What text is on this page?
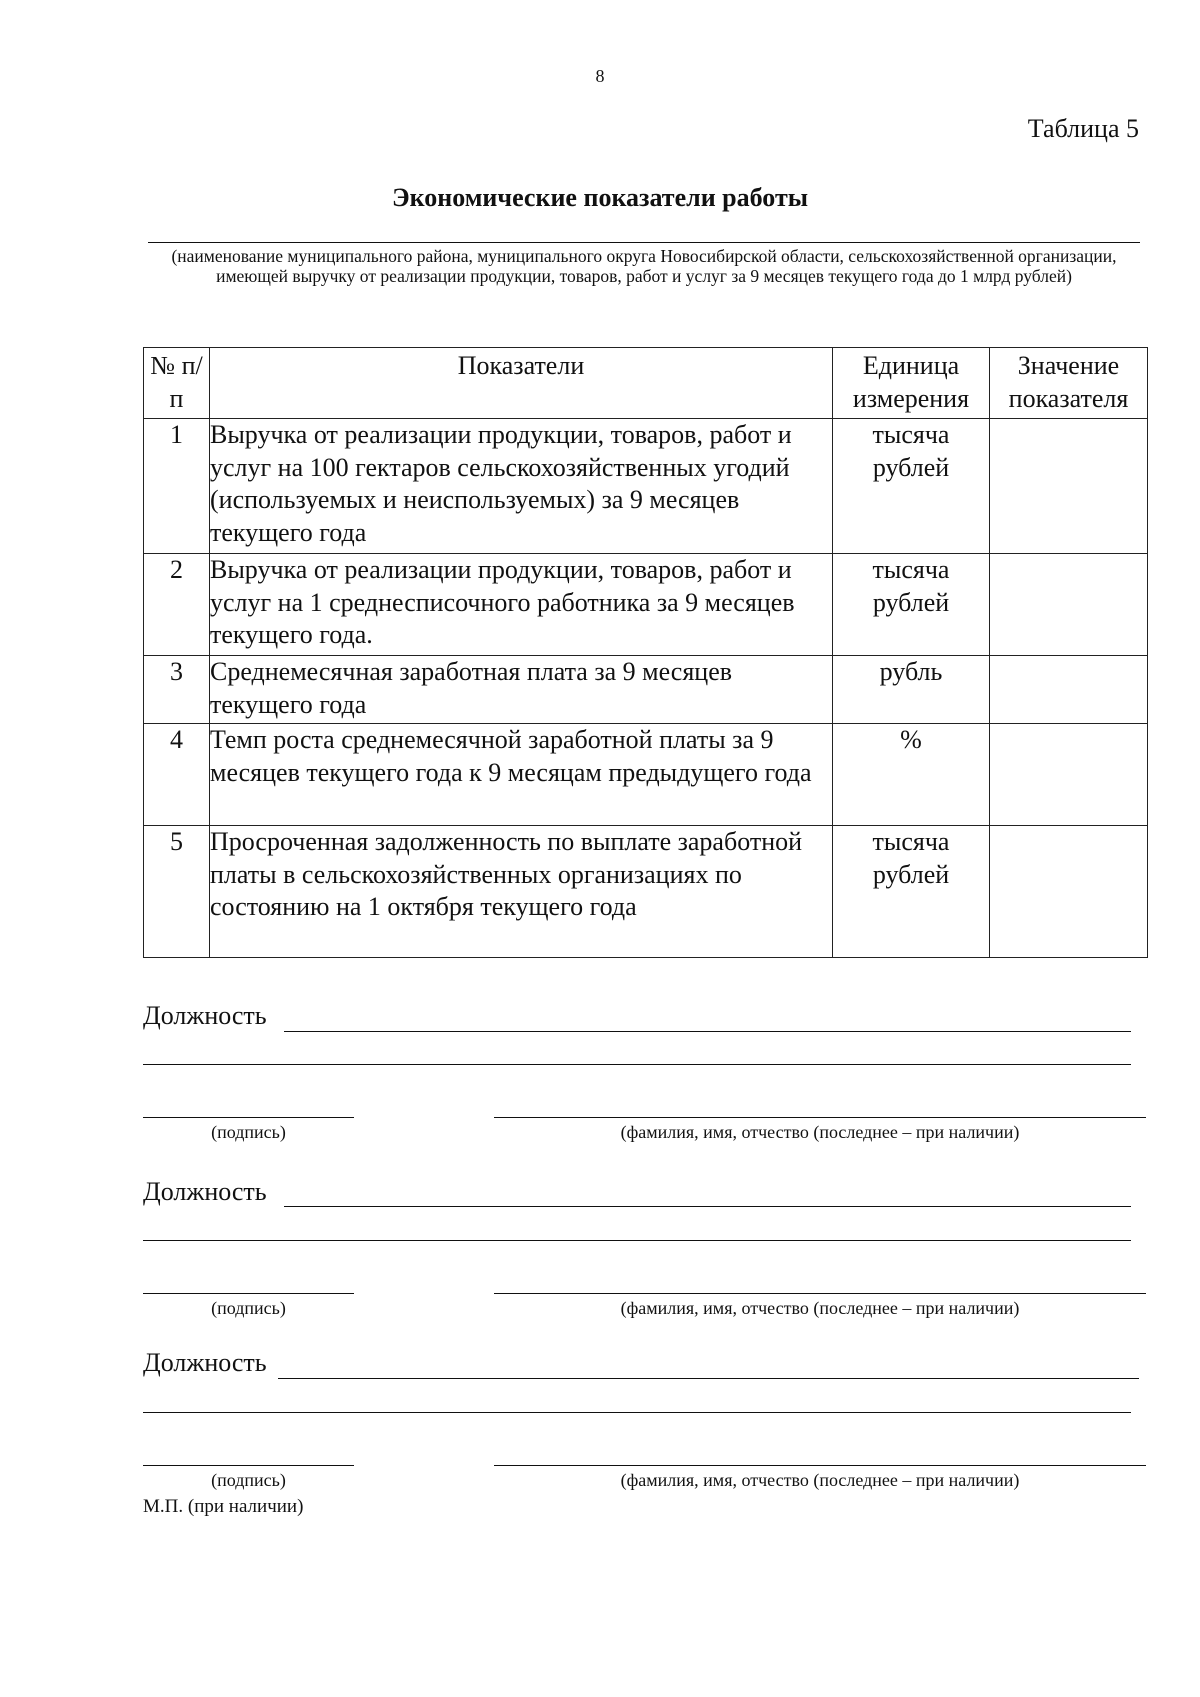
8
Таблица 5
Экономические показатели работы
(наименование муниципального района, муниципального округа Новосибирской области, сельскохозяйственной организации, имеющей выручку от реализации продукции, товаров, работ и услуг за 9 месяцев текущего года до 1 млрд рублей)
№ п/п	Показатели	Единица измерения	Значение показателя
1	Выручка от реализации продукции, товаров, работ и услуг на 100 гектаров сельскохозяйственных угодий (используемых и неиспользуемых) за 9 месяцев текущего года	тысяча рублей	
2	Выручка от реализации продукции, товаров, работ и услуг на 1 среднесписочного работника за 9 месяцев текущего года.	тысяча рублей	
3	Среднемесячная заработная плата за 9 месяцев текущего года	рубль	
4	Темп роста среднемесячной заработной платы за 9 месяцев текущего года к 9 месяцам предыдущего года	%	
5	Просроченная задолженность по выплате заработной платы в сельскохозяйственных организациях по состоянию на 1 октября текущего года	тысяча рублей	
Должность
(подпись)	(фамилия, имя, отчество (последнее – при наличии)
Должность
(подпись)	(фамилия, имя, отчество (последнее – при наличии)
Должность
(подпись)	(фамилия, имя, отчество (последнее – при наличии)
М.П. (при наличии)
